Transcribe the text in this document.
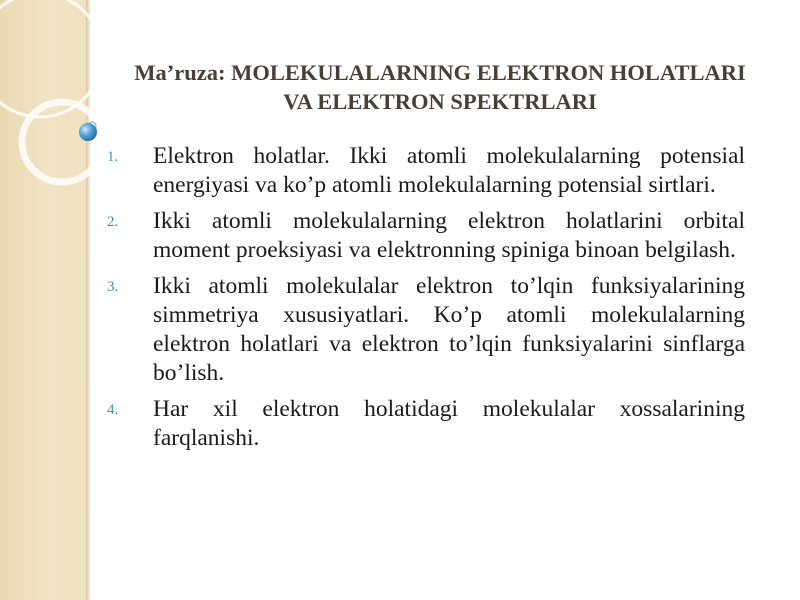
Ma’ruza: MOLEKULALARNING ELEKTRON HOLATLARI VA ELEKTRON SPEKTRLARI
1. Elektron holatlar. Ikki atomli molekulalarning potensial energiyasi va ko’p atomli molekulalarning potensial sirtlari.
2. Ikki atomli molekulalarning elektron holatlarini orbital moment proeksiyasi va elektronning spiniga binoan belgilash.
3. Ikki atomli molekulalar elektron to’lqin funksiyalarining simmetriya xususiyatlari. Ko’p atomli molekulalarning elektron holatlari va elektron to’lqin funksiyalarini sinflarga bo’lish.
4. Har xil elektron holatidagi molekulalar xossalarining farqlanishi.
